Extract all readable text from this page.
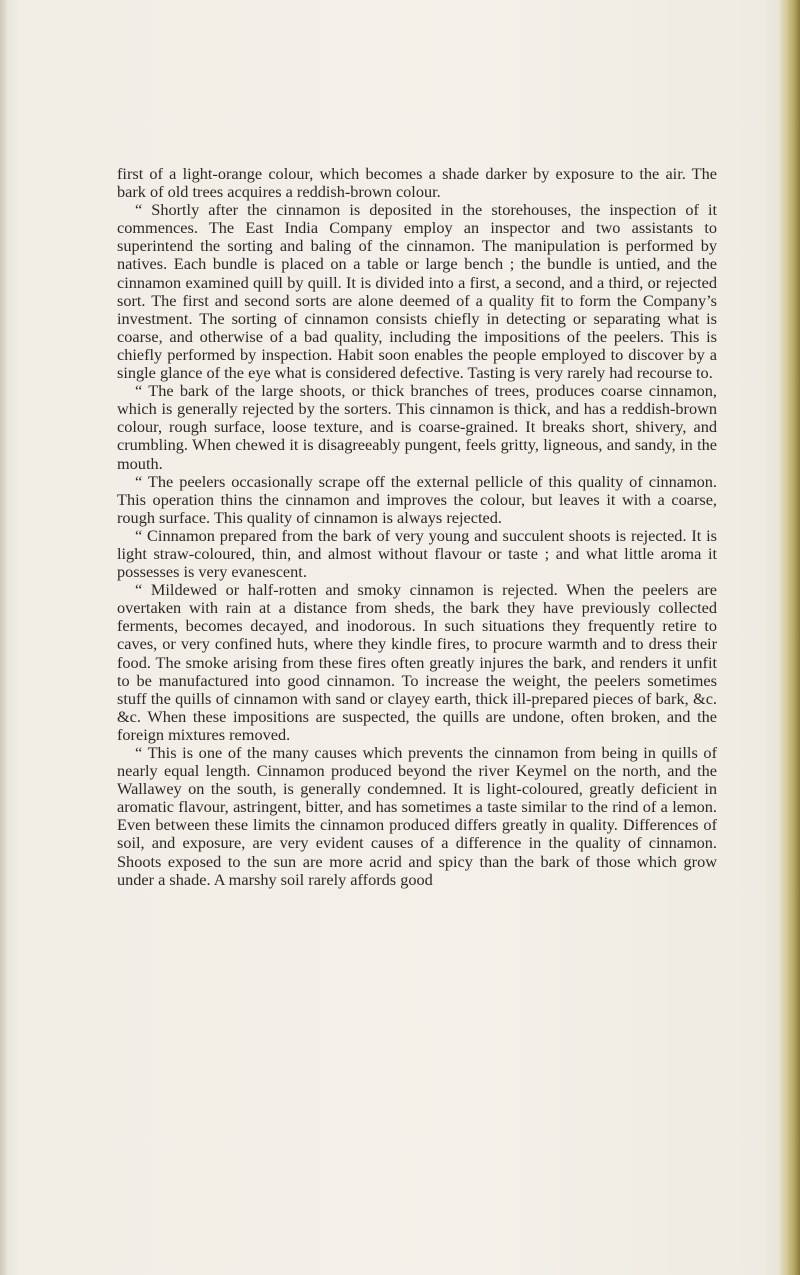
first of a light-orange colour, which becomes a shade darker by exposure to the air. The bark of old trees acquires a reddish-brown colour.

“ Shortly after the cinnamon is deposited in the storehouses, the inspection of it commences. The East India Company employ an inspector and two assistants to superintend the sorting and baling of the cinnamon. The manipulation is performed by natives. Each bundle is placed on a table or large bench ; the bundle is untied, and the cinnamon examined quill by quill. It is divided into a first, a second, and a third, or rejected sort. The first and second sorts are alone deemed of a quality fit to form the Company’s investment. The sorting of cinnamon consists chiefly in detecting or separating what is coarse, and otherwise of a bad quality, including the impositions of the peelers. This is chiefly performed by inspection. Habit soon enables the people employed to discover by a single glance of the eye what is considered defective. Tasting is very rarely had recourse to.

“ The bark of the large shoots, or thick branches of trees, produces coarse cinnamon, which is generally rejected by the sorters. This cinnamon is thick, and has a reddish-brown colour, rough surface, loose texture, and is coarse-grained. It breaks short, shivery, and crumbling. When chewed it is disagreeably pungent, feels gritty, ligneous, and sandy, in the mouth.

“ The peelers occasionally scrape off the external pellicle of this quality of cinnamon. This operation thins the cinnamon and improves the colour, but leaves it with a coarse, rough surface. This quality of cinnamon is always rejected.

“ Cinnamon prepared from the bark of very young and succulent shoots is rejected. It is light straw-coloured, thin, and almost without flavour or taste ; and what little aroma it possesses is very evanescent.

“ Mildewed or half-rotten and smoky cinnamon is rejected. When the peelers are overtaken with rain at a distance from sheds, the bark they have previously collected ferments, becomes decayed, and inodorous. In such situations they frequently retire to caves, or very confined huts, where they kindle fires, to procure warmth and to dress their food. The smoke arising from these fires often greatly injures the bark, and renders it unfit to be manufactured into good cinnamon. To increase the weight, the peelers sometimes stuff the quills of cinnamon with sand or clayey earth, thick ill-prepared pieces of bark, &c. &c. When these impositions are suspected, the quills are undone, often broken, and the foreign mixtures removed.

“ This is one of the many causes which prevents the cinnamon from being in quills of nearly equal length. Cinnamon produced beyond the river Keymel on the north, and the Wallawey on the south, is generally condemned. It is light-coloured, greatly deficient in aromatic flavour, astringent, bitter, and has sometimes a taste similar to the rind of a lemon. Even between these limits the cinnamon produced differs greatly in quality. Differences of soil, and exposure, are very evident causes of a difference in the quality of cinnamon. Shoots exposed to the sun are more acrid and spicy than the bark of those which grow under a shade. A marshy soil rarely affords good
